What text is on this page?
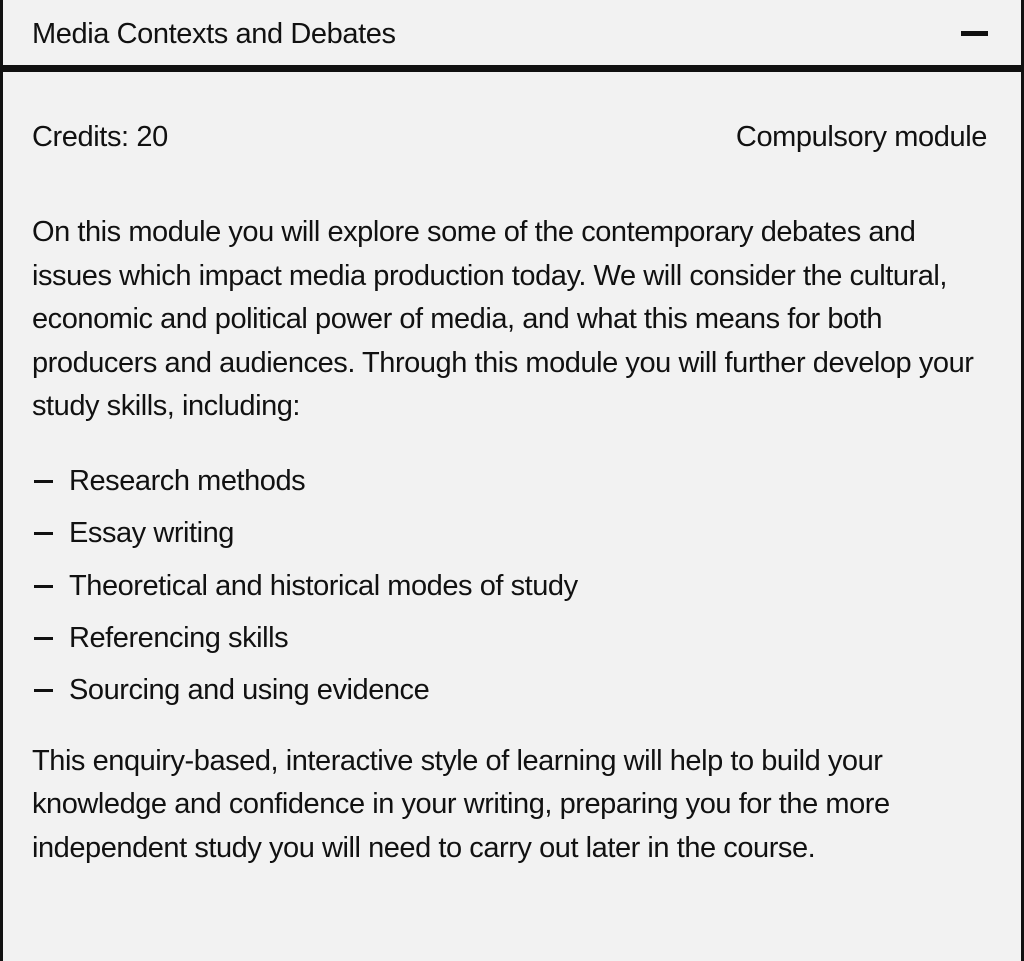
Media Contexts and Debates
Credits: 20	Compulsory module

On this module you will explore some of the contemporary debates and issues which impact media production today. We will consider the cultural, economic and political power of media, and what this means for both producers and audiences. Through this module you will further develop your study skills, including:

Research methods
Essay writing
Theoretical and historical modes of study
Referencing skills
Sourcing and using evidence

This enquiry-based, interactive style of learning will help to build your knowledge and confidence in your writing, preparing you for the more independent study you will need to carry out later in the course.
